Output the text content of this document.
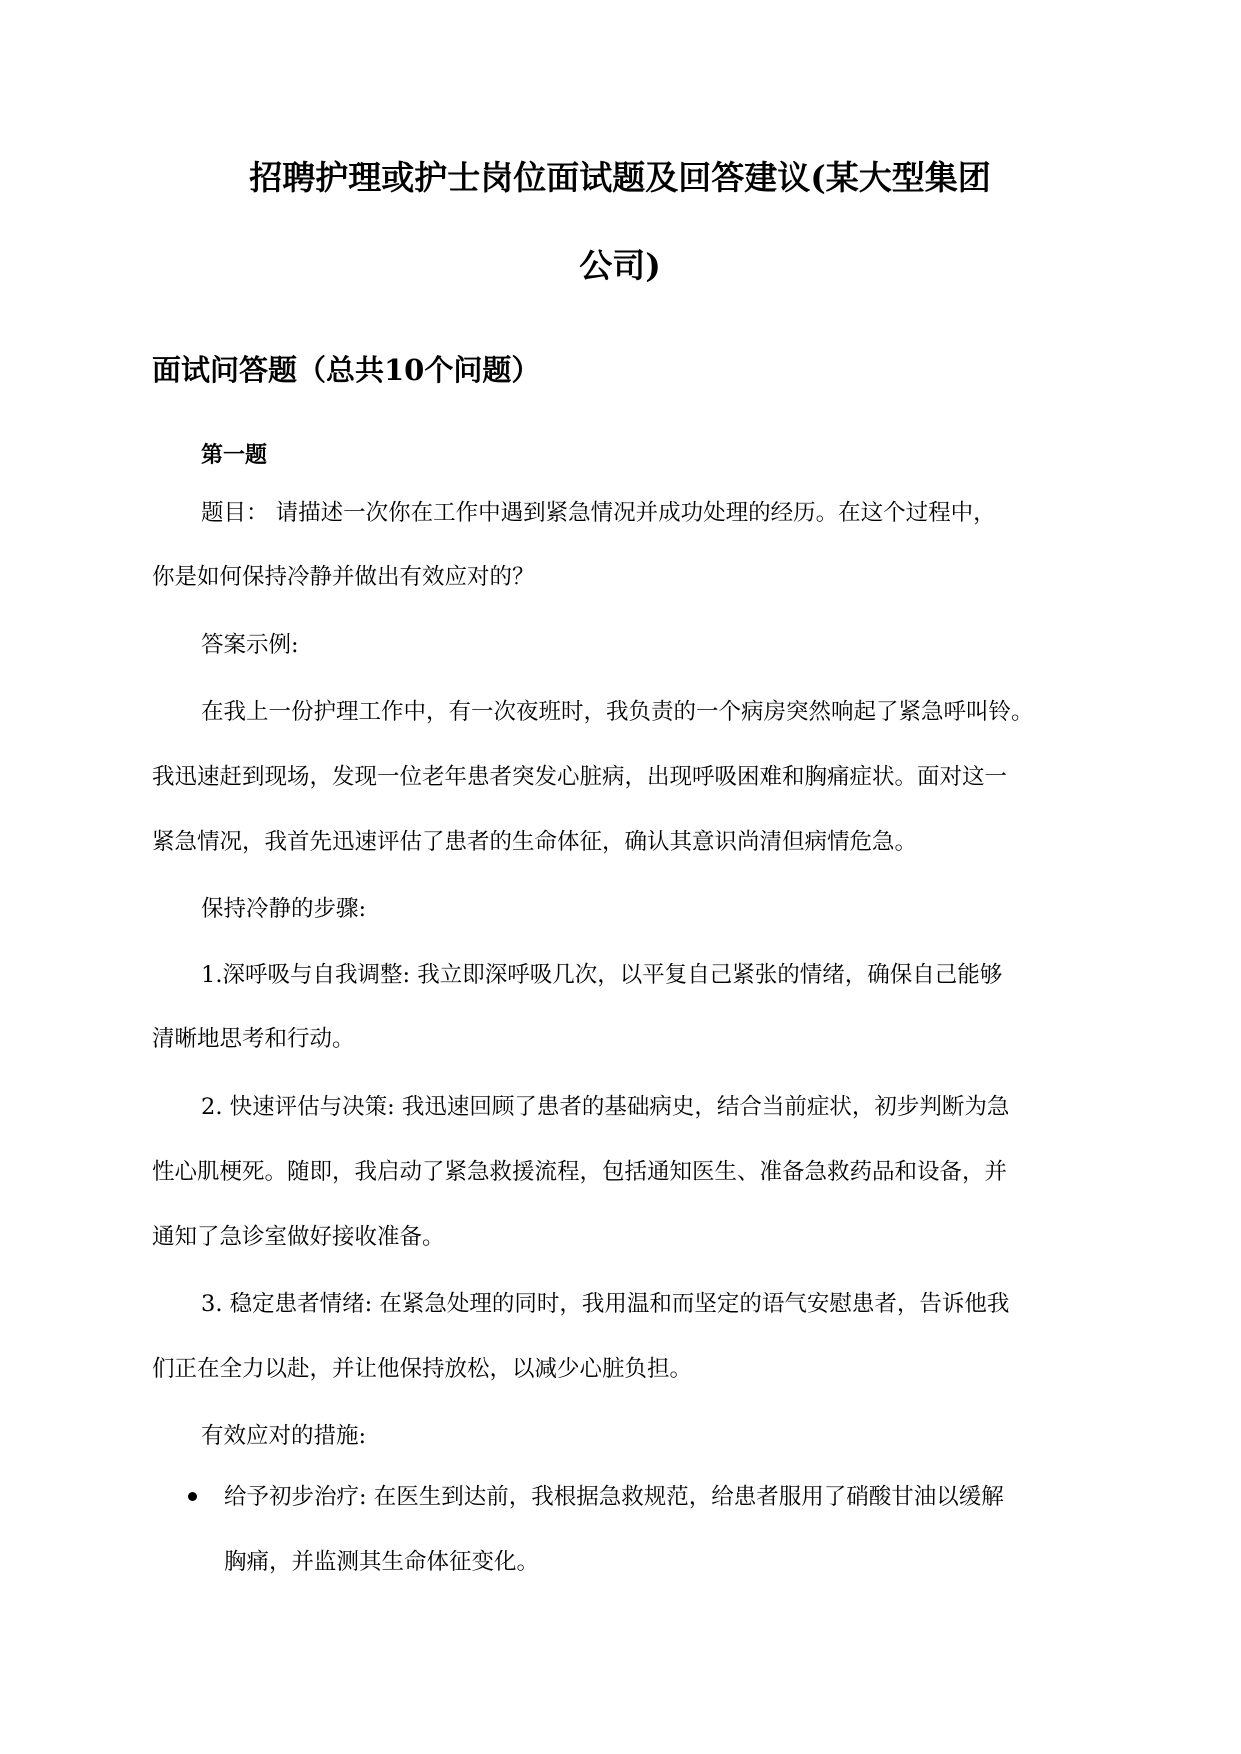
招聘护理或护士岗位面试题及回答建议(某大型集团
公司)
面试问答题（总共10个问题）
第一题
题目： 请描述一次你在工作中遇到紧急情况并成功处理的经历。在这个过程中，
你是如何保持冷静并做出有效应对的？
答案示例:
在我上一份护理工作中，有一次夜班时，我负责的一个病房突然响起了紧急呼叫铃。
我迅速赶到现场，发现一位老年患者突发心脏病，出现呼吸困难和胸痛症状。面对这一
紧急情况，我首先迅速评估了患者的生命体征，确认其意识尚清但病情危急。
保持冷静的步骤:
1.深呼吸与自我调整: 我立即深呼吸几次，以平复自己紧张的情绪，确保自己能够
清晰地思考和行动。
2. 快速评估与决策: 我迅速回顾了患者的基础病史，结合当前症状，初步判断为急
性心肌梗死。随即，我启动了紧急救援流程，包括通知医生、准备急救药品和设备，并
通知了急诊室做好接收准备。
3. 稳定患者情绪: 在紧急处理的同时，我用温和而坚定的语气安慰患者，告诉他我
们正在全力以赴，并让他保持放松，以减少心脏负担。
有效应对的措施:
给予初步治疗: 在医生到达前，我根据急救规范，给患者服用了硝酸甘油以缓解
胸痛，并监测其生命体征变化。
